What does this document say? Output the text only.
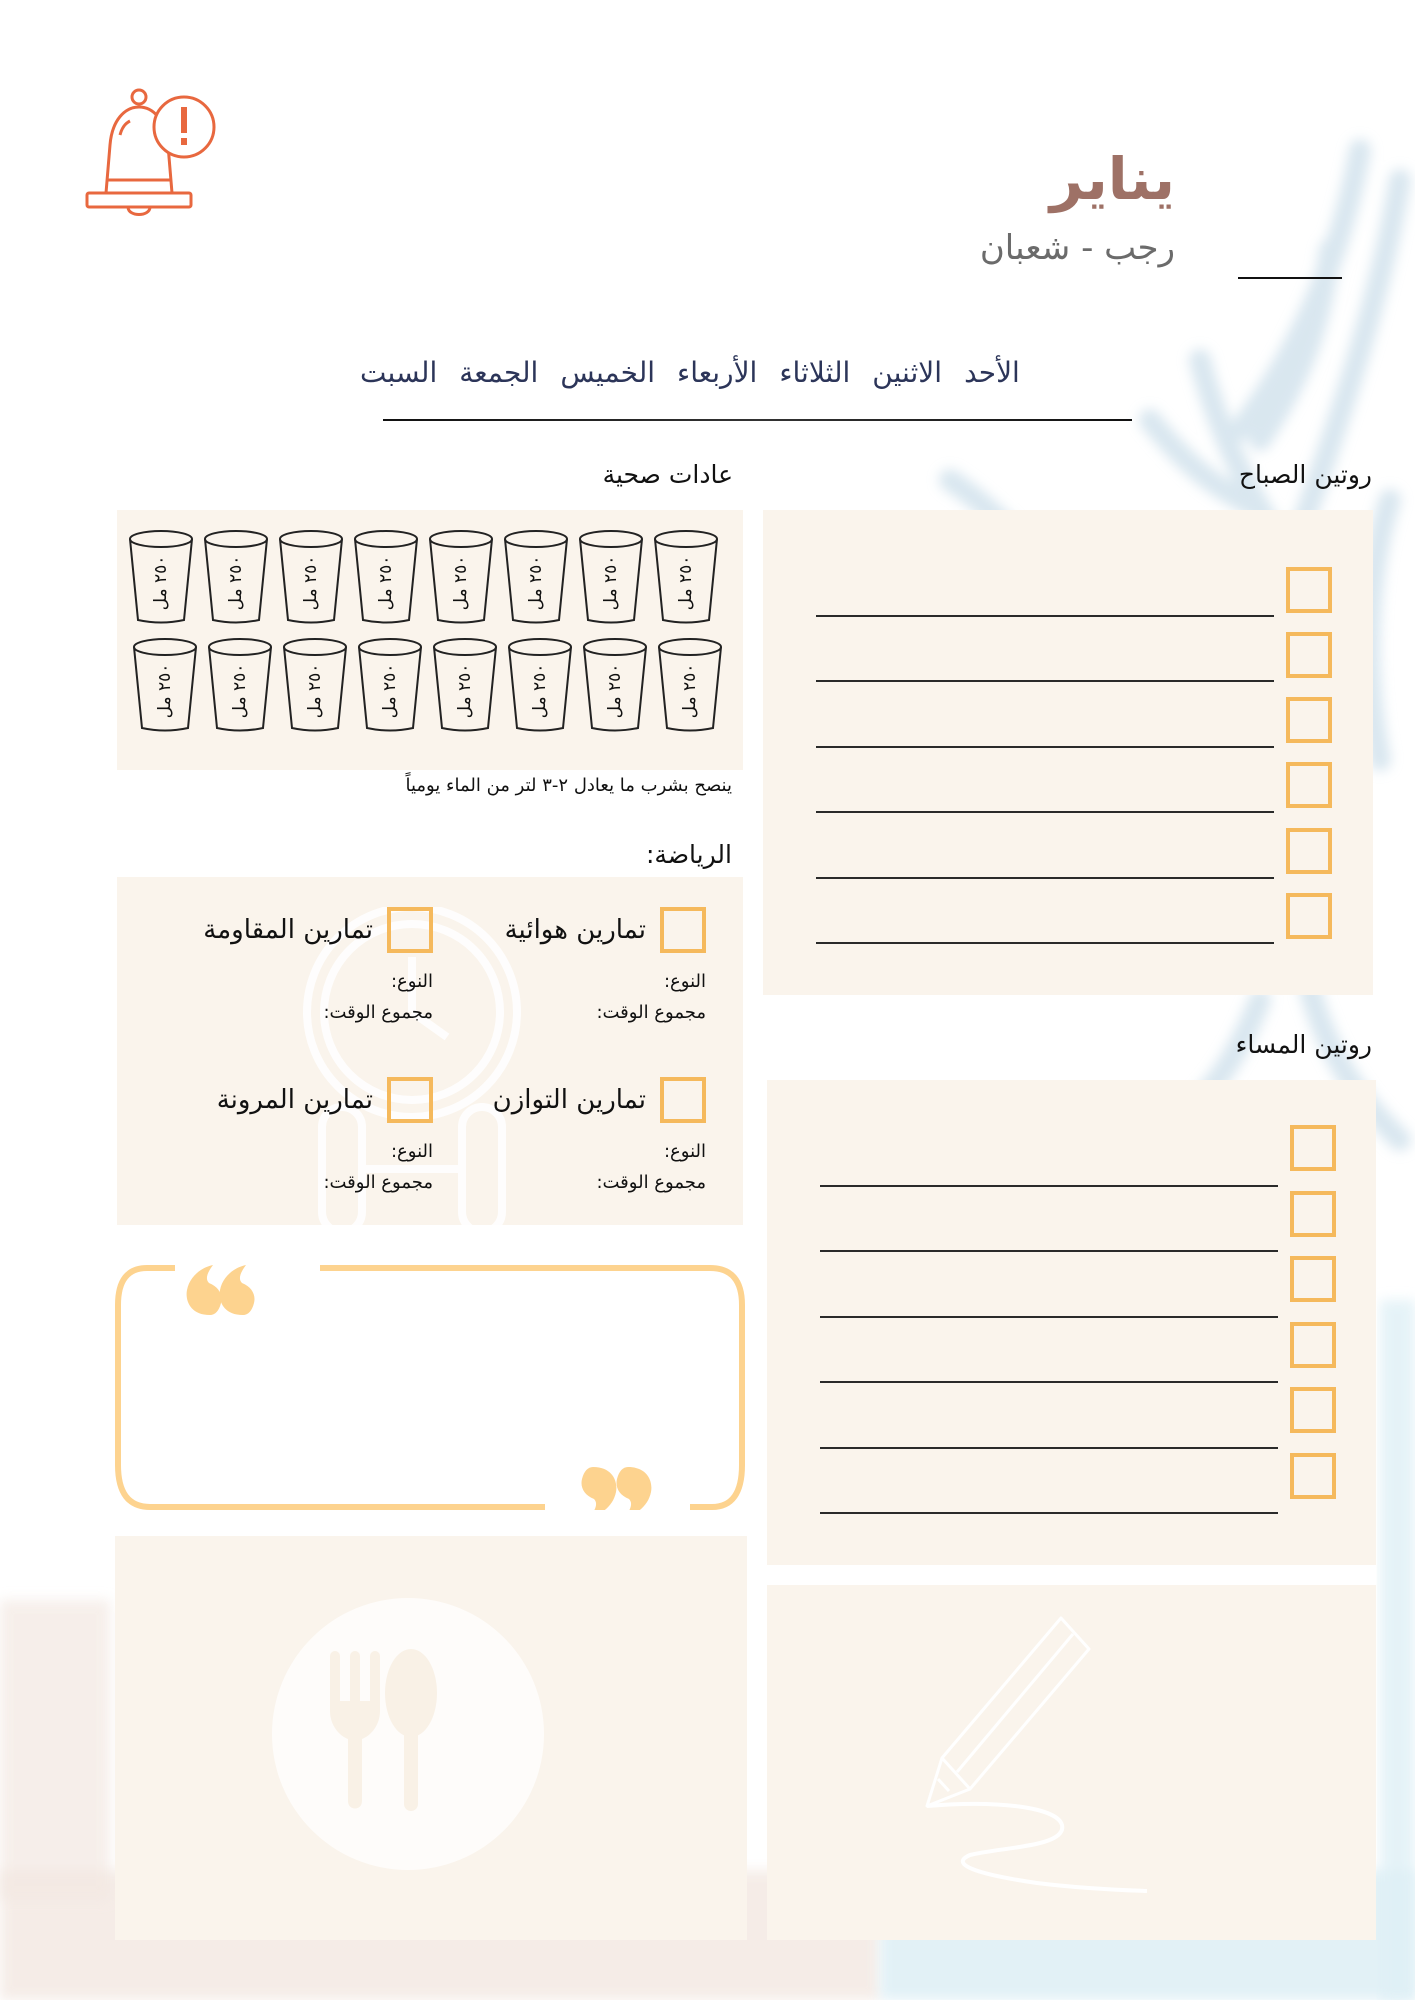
يناير
رجب - شعبان
الأحد
الاثنين
الثلاثاء
الأربعاء
الخميس
الجمعة
السبت
روتين الصباح
روتين المساء
عادات صحية
٢٥٠ مل
٢٥٠ مل
٢٥٠ مل
٢٥٠ مل
٢٥٠ مل
٢٥٠ مل
٢٥٠ مل
٢٥٠ مل
٢٥٠ مل
٢٥٠ مل
٢٥٠ مل
٢٥٠ مل
٢٥٠ مل
٢٥٠ مل
٢٥٠ مل
٢٥٠ مل
ينصح بشرب ما يعادل ٢-٣ لتر من الماء يومياً
الرياضة:
تمارين هوائية
النوع:
مجموع الوقت:
تمارين المقاومة
النوع:
مجموع الوقت:
تمارين التوازن
النوع:
مجموع الوقت:
تمارين المرونة
النوع:
مجموع الوقت:
